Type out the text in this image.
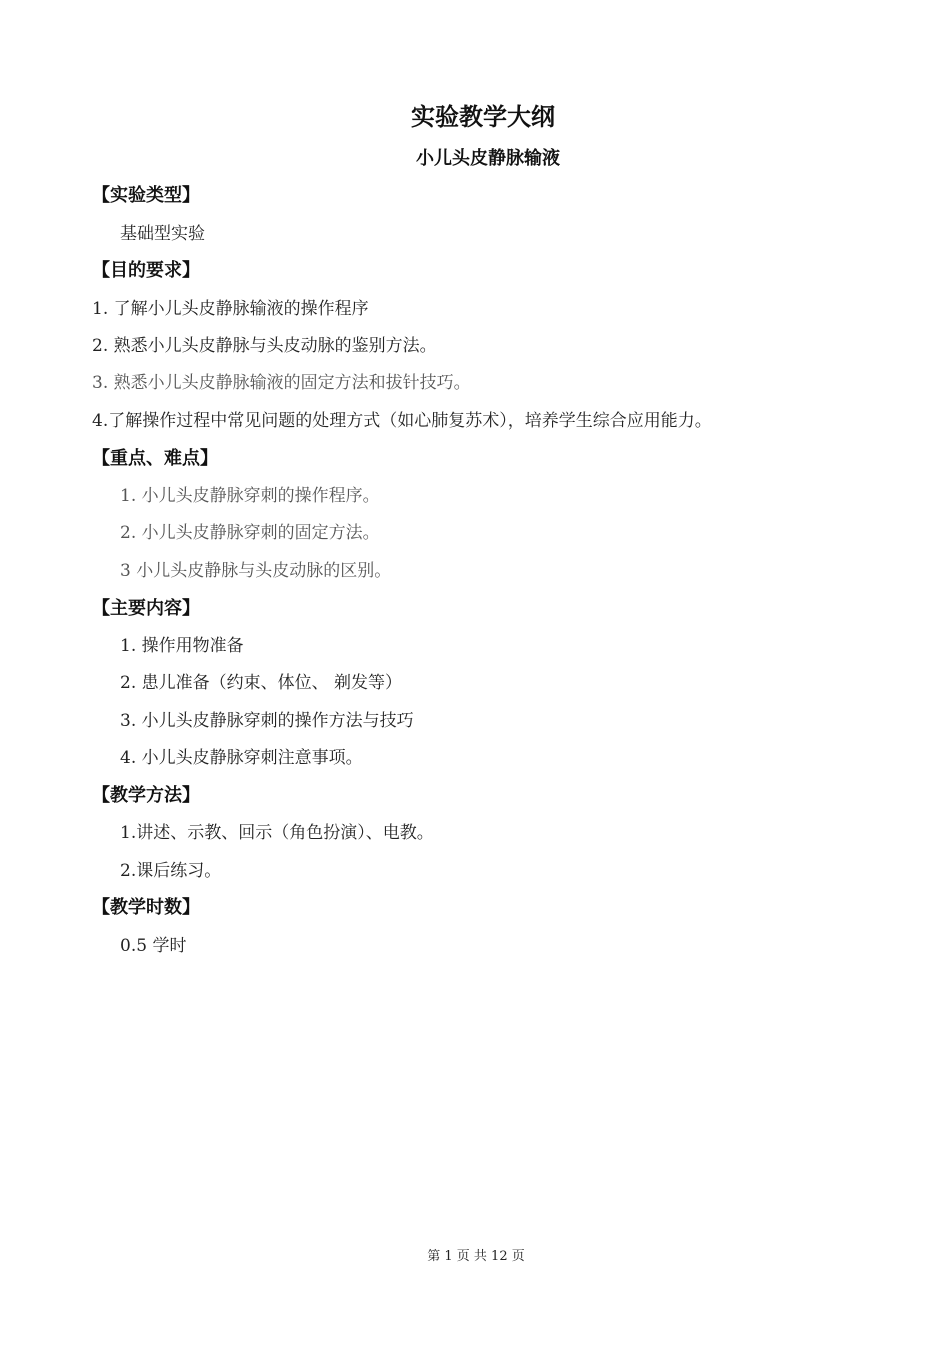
实验教学大纲
小儿头皮静脉输液
【实验类型】
基础型实验
【目的要求】
1. 了解小儿头皮静脉输液的操作程序
2. 熟悉小儿头皮静脉与头皮动脉的鉴别方法。
3. 熟悉小儿头皮静脉输液的固定方法和拔针技巧。
4.了解操作过程中常见问题的处理方式（如心肺复苏术），培养学生综合应用能力。
【重点、难点】
1. 小儿头皮静脉穿刺的操作程序。
2. 小儿头皮静脉穿刺的固定方法。
3 小儿头皮静脉与头皮动脉的区别。
【主要内容】
1. 操作用物准备
2. 患儿准备（约束、体位、 剃发等）
3. 小儿头皮静脉穿刺的操作方法与技巧
4. 小儿头皮静脉穿刺注意事项。
【教学方法】
1.讲述、示教、回示（角色扮演）、电教。
2.课后练习。
【教学时数】
0.5 学时
第 1 页 共 12 页
